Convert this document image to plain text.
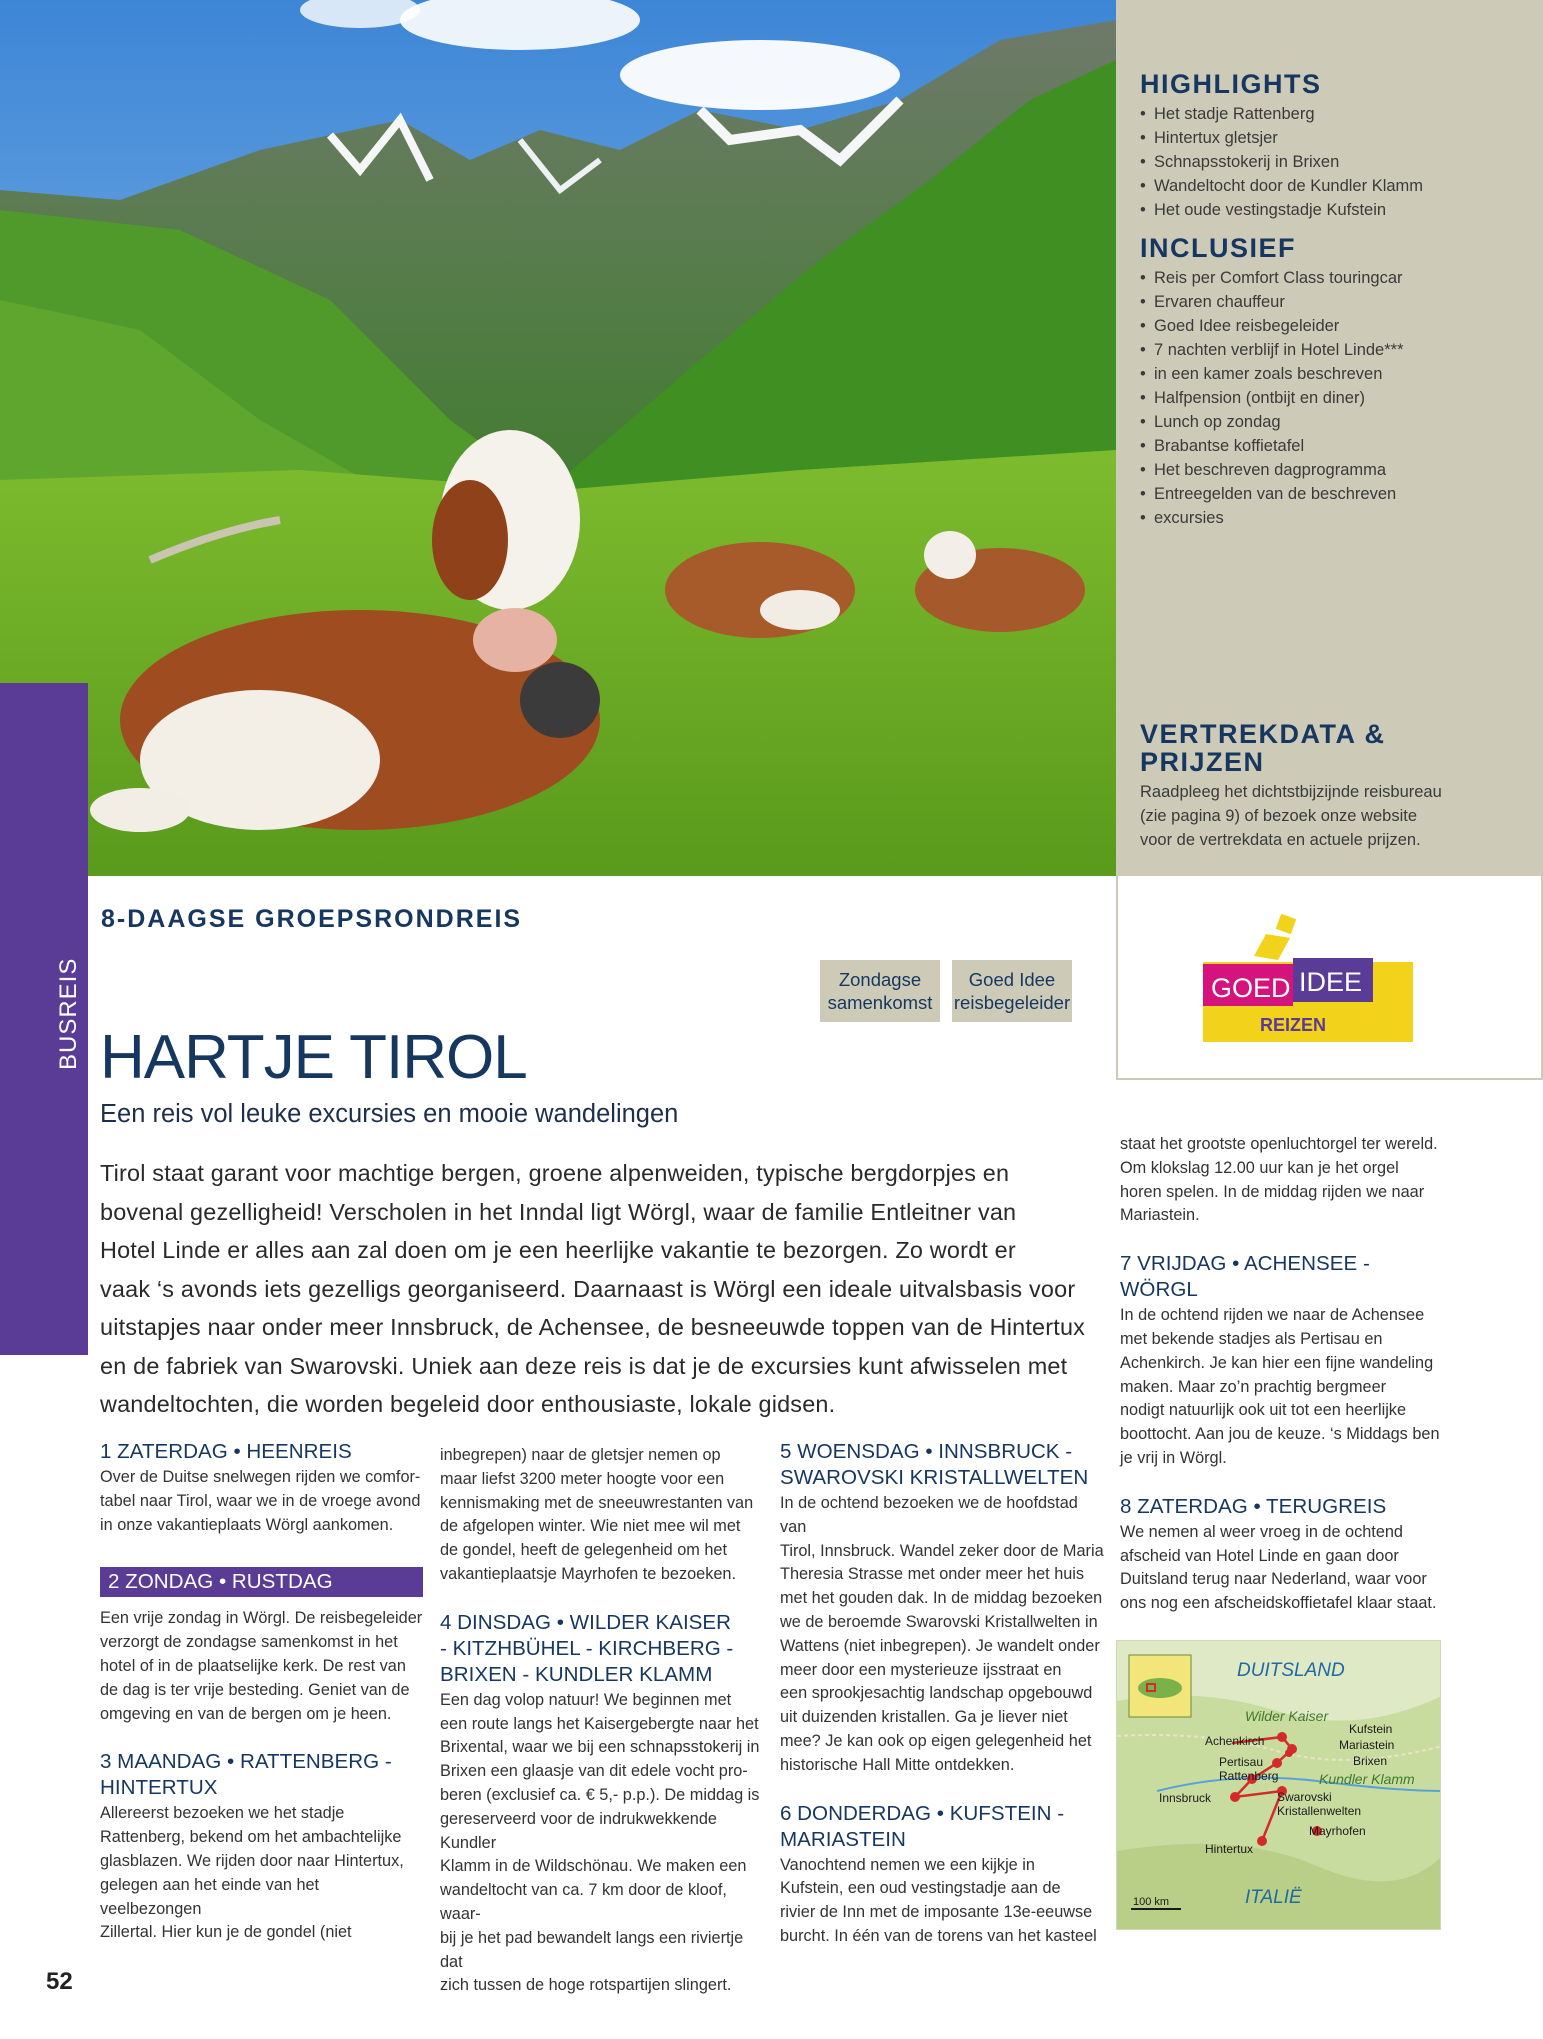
HIGHLIGHTS
• Het stadje Rattenberg
• Hintertux gletsjer
• Schnapsstokerij in Brixen
• Wandeltocht door de Kundler Klamm
• Het oude vestingstadje Kufstein
INCLUSIEF
• Reis per Comfort Class touringcar
• Ervaren chauffeur
• Goed Idee reisbegeleider
• 7 nachten verblijf in Hotel Linde***
• in een kamer zoals beschreven
• Halfpension (ontbijt en diner)
• Lunch op zondag
• Brabantse koffietafel
• Het beschreven dagprogramma
• Entreegelden van de beschreven
• excursies
VERTREKDATA &
PRIJZEN

Raadpleeg het dichtstbijzijnde reisbureau
(zie pagina 9) of bezoek onze website
voor de vertrekdata en actuele prijzen.

GOED IDEE
REIZEN
BUSREIS
8-DAAGSE GROEPSRONDREIS
Zondagse
samenkomst
Goed Idee
reisbegeleider
HARTJE TIROL
Een reis vol leuke excursies en mooie wandelingen
Tirol staat garant voor machtige bergen, groene alpenweiden, typische bergdorpjes en
bovenal gezelligheid! Verscholen in het Inndal ligt Wörgl, waar de familie Entleitner van
Hotel Linde er alles aan zal doen om je een heerlijke vakantie te bezorgen. Zo wordt er
vaak ‘s avonds iets gezelligs georganiseerd. Daarnaast is Wörgl een ideale uitvalsbasis voor
uitstapjes naar onder meer Innsbruck, de Achensee, de besneeuwde toppen van de Hintertux
en de fabriek van Swarovski. Uniek aan deze reis is dat je de excursies kunt afwisselen met
wandeltochten, die worden begeleid door enthousiaste, lokale gidsen.
1 ZATERDAG • HEENREIS
Over de Duitse snelwegen rijden we comfor-
tabel naar Tirol, waar we in de vroege avond
in onze vakantieplaats Wörgl aankomen.
2 ZONDAG • RUSTDAG
Een vrije zondag in Wörgl. De reisbegeleider
verzorgt de zondagse samenkomst in het
hotel of in de plaatselijke kerk. De rest van
de dag is ter vrije besteding. Geniet van de
omgeving en van de bergen om je heen.
3 MAANDAG • RATTENBERG -
HINTERTUX
Allereerst bezoeken we het stadje
Rattenberg, bekend om het ambachtelijke
glasblazen. We rijden door naar Hintertux,
gelegen aan het einde van het veelbezongen
Zillertal. Hier kun je de gondel (niet
inbegrepen) naar de gletsjer nemen op
maar liefst 3200 meter hoogte voor een
kennismaking met de sneeuwrestanten van
de afgelopen winter. Wie niet mee wil met
de gondel, heeft de gelegenheid om het
vakantieplaatsje Mayrhofen te bezoeken.
4 DINSDAG • WILDER KAISER
- KITZHBÜHEL - KIRCHBERG -
BRIXEN - KUNDLER KLAMM
Een dag volop natuur! We beginnen met
een route langs het Kaisergebergte naar het
Brixental, waar we bij een schnapsstokerij in
Brixen een glaasje van dit edele vocht pro-
beren (exclusief ca. € 5,- p.p.). De middag is
gereserveerd voor de indrukwekkende Kundler
Klamm in de Wildschönau. We maken een
wandeltocht van ca. 7 km door de kloof, waar-
bij je het pad bewandelt langs een riviertje dat
zich tussen de hoge rotspartijen slingert.
5 WOENSDAG • INNSBRUCK -
SWAROVSKI KRISTALLWELTEN
In de ochtend bezoeken we de hoofdstad van
Tirol, Innsbruck. Wandel zeker door de Maria
Theresia Strasse met onder meer het huis
met het gouden dak. In de middag bezoeken
we de beroemde Swarovski Kristallwelten in
Wattens (niet inbegrepen). Je wandelt onder
meer door een mysterieuze ijsstraat en
een sprookjesachtig landschap opgebouwd
uit duizenden kristallen. Ga je liever niet
mee? Je kan ook op eigen gelegenheid het
historische Hall Mitte ontdekken.
6 DONDERDAG • KUFSTEIN -
MARIASTEIN
Vanochtend nemen we een kijkje in
Kufstein, een oud vestingstadje aan de
rivier de Inn met de imposante 13e-eeuwse
burcht. In één van de torens van het kasteel
staat het grootste openluchtorgel ter wereld.
Om klokslag 12.00 uur kan je het orgel
horen spelen. In de middag rijden we naar
Mariastein.
7 VRIJDAG • ACHENSEE -
WÖRGL
In de ochtend rijden we naar de Achensee
met bekende stadjes als Pertisau en
Achenkirch. Je kan hier een fijne wandeling
maken. Maar zo’n prachtig bergmeer
nodigt natuurlijk ook uit tot een heerlijke
boottocht. Aan jou de keuze. ‘s Middags ben
je vrij in Wörgl.
8 ZATERDAG • TERUGREIS
We nemen al weer vroeg in de ochtend
afscheid van Hotel Linde en gaan door
Duitsland terug naar Nederland, waar voor
ons nog een afscheidskoffietafel klaar staat.
DUITSLAND
ITALIË
Wilder Kaiser
Kundler Klamm
Achenkirch
Kufstein
Mariastein
Pertisau	Brixen
Rattenberg
Swarovski
Kristallenwelten
Innsbruck
Mayrhofen
Hintertux
100 km
52
